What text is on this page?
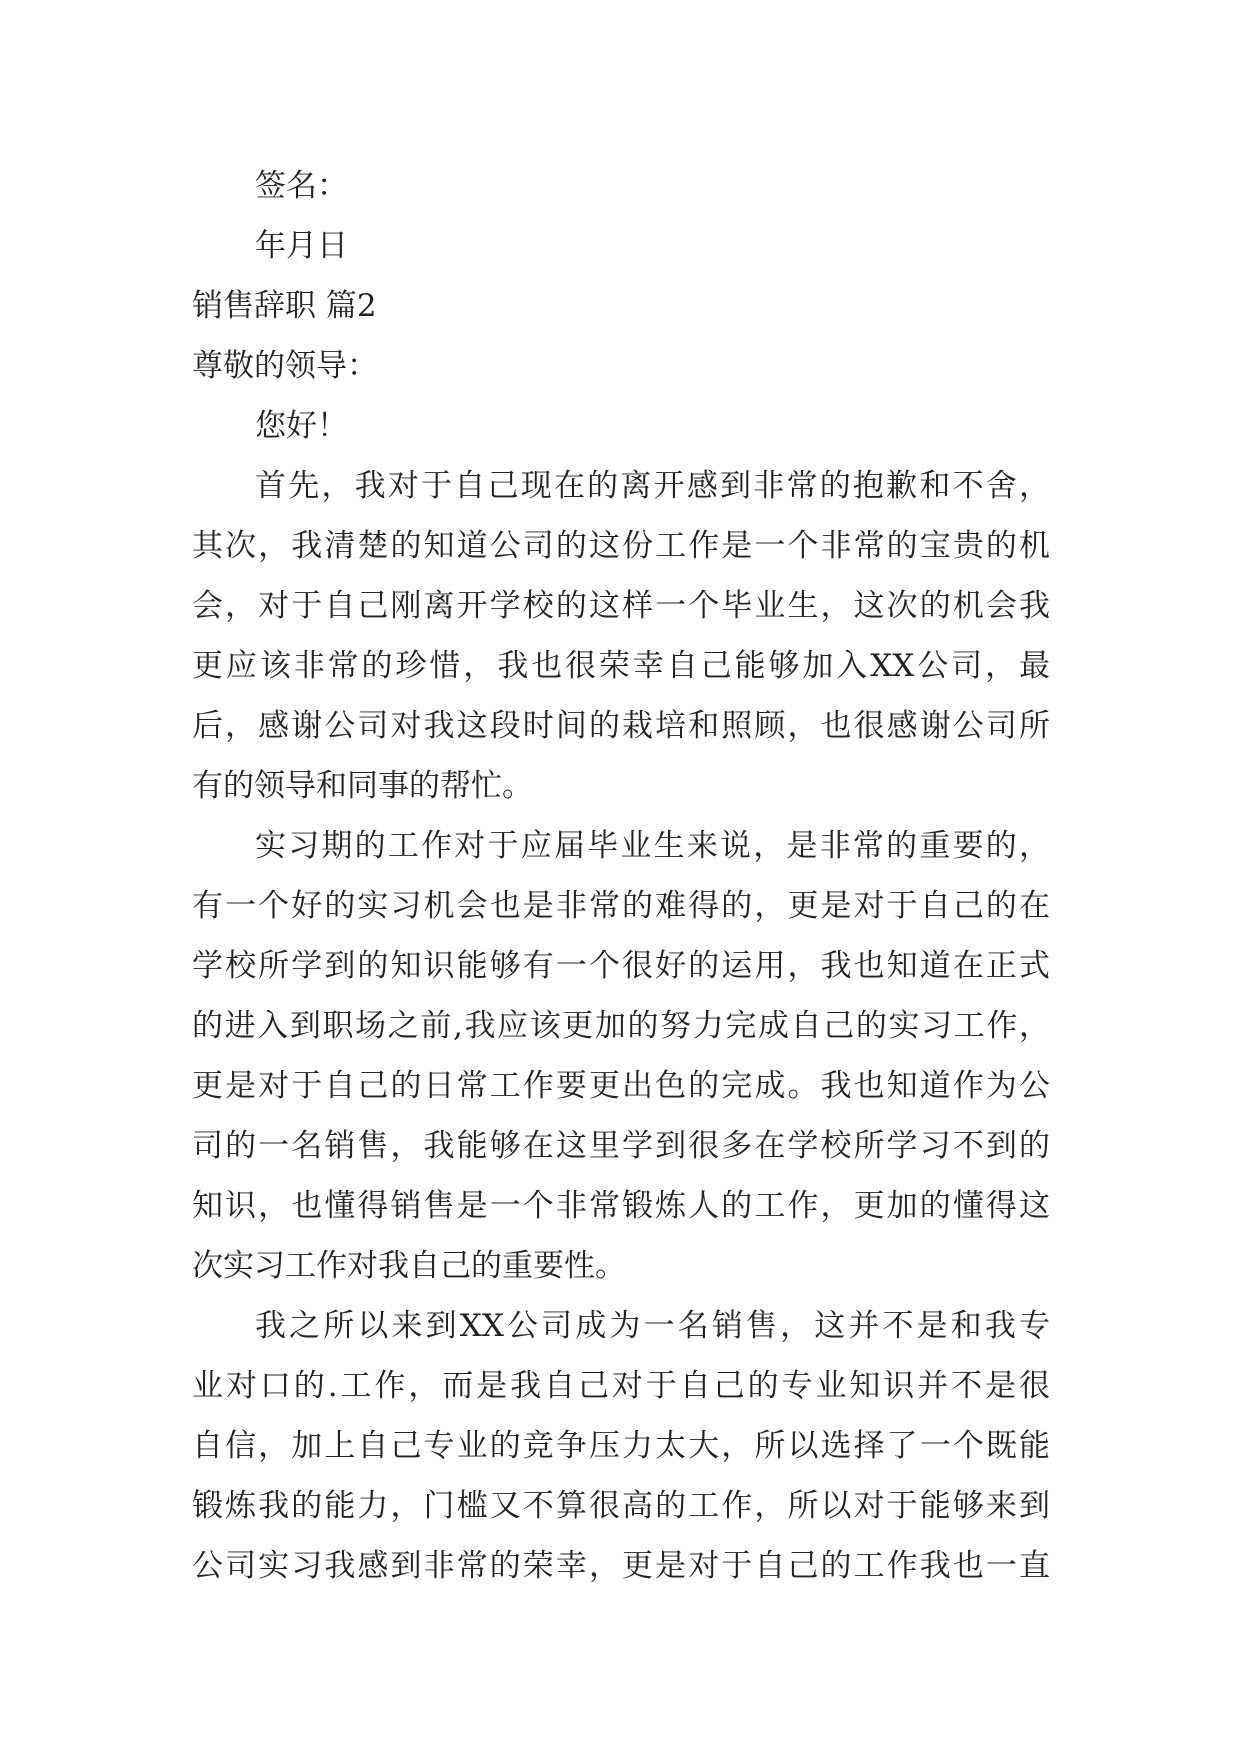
签名：
年月日
销售辞职 篇2
尊敬的领导：
您好！
首先，我对于自己现在的离开感到非常的抱歉和不舍，
其次，我清楚的知道公司的这份工作是一个非常的宝贵的机
会，对于自己刚离开学校的这样一个毕业生，这次的机会我
更应该非常的珍惜，我也很荣幸自己能够加入XX公司，最
后，感谢公司对我这段时间的栽培和照顾，也很感谢公司所
有的领导和同事的帮忙。
实习期的工作对于应届毕业生来说，是非常的重要的，
有一个好的实习机会也是非常的难得的，更是对于自己的在
学校所学到的知识能够有一个很好的运用，我也知道在正式
的进入到职场之前,我应该更加的努力完成自己的实习工作，
更是对于自己的日常工作要更出色的完成。我也知道作为公
司的一名销售，我能够在这里学到很多在学校所学习不到的
知识，也懂得销售是一个非常锻炼人的工作，更加的懂得这
次实习工作对我自己的重要性。
我之所以来到XX公司成为一名销售，这并不是和我专
业对口的.工作，而是我自己对于自己的专业知识并不是很
自信，加上自己专业的竞争压力太大，所以选择了一个既能
锻炼我的能力，门槛又不算很高的工作，所以对于能够来到
公司实习我感到非常的荣幸，更是对于自己的工作我也一直
